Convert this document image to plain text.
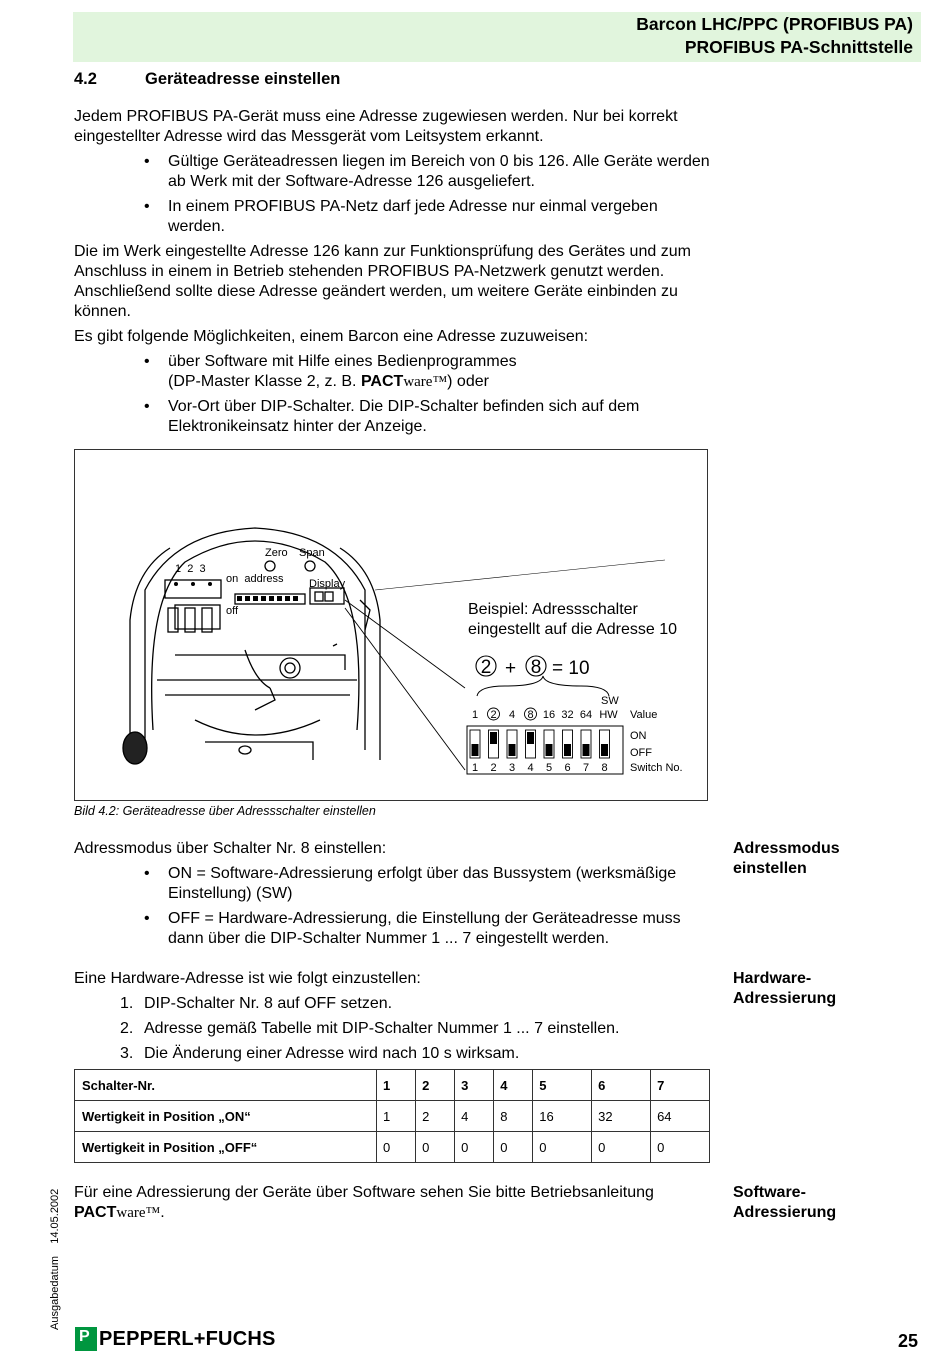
Barcon LHC/PPC (PROFIBUS PA)
PROFIBUS PA-Schnittstelle
4.2	Geräteadresse einstellen

Jedem PROFIBUS PA-Gerät muss eine Adresse zugewiesen werden. Nur bei korrekt eingestellter Adresse wird das Messgerät vom Leitsystem erkannt.

• Gültige Geräteadressen liegen im Bereich von 0 bis 126. Alle Geräte werden ab Werk mit der Software-Adresse 126 ausgeliefert.
• In einem PROFIBUS PA-Netz darf jede Adresse nur einmal vergeben werden.

Die im Werk eingestellte Adresse 126 kann zur Funktionsprüfung des Gerätes und zum Anschluss in einem in Betrieb stehenden PROFIBUS PA-Netzwerk genutzt werden. Anschließend sollte diese Adresse geändert werden, um weitere Geräte einbinden zu können.

Es gibt folgende Möglichkeiten, einem Barcon eine Adresse zuzuweisen:

• über Software mit Hilfe eines Bedienprogrammes
(DP-Master Klasse 2, z. B. PACTware™) oder
• Vor-Ort über DIP-Schalter. Die DIP-Schalter befinden sich auf dem Elektronikeinsatz hinter der Anzeige.
Zero Span
1  2  3
on  address Display
off	Beispiel: Adressschalter
eingestellt auf die Adresse 10
2 + 8 = 10
SW
1 2 4 8 16 32 64 HW Value
ON
OFF
1 2 3 4 5 6 7 8 Switch No.
Bild 4.2: Geräteadresse über Adressschalter einstellen

Adressmodus über Schalter Nr. 8 einstellen:

• ON = Software-Adressierung erfolgt über das Bussystem (werksmäßige Einstellung) (SW)
• OFF = Hardware-Adressierung, die Einstellung der Geräteadresse muss dann über die DIP-Schalter Nummer 1 ... 7 eingestellt werden.
Adressmodus
einstellen

Eine Hardware-Adresse ist wie folgt einzustellen:

1. DIP-Schalter Nr. 8 auf OFF setzen.
2. Adresse gemäß Tabelle mit DIP-Schalter Nummer 1 ... 7 einstellen.
3. Die Änderung einer Adresse wird nach 10 s wirksam.
Hardware-
Adressierung
Schalter-Nr.	1	2	3	4	5	6	7
Wertigkeit in Position „ON“	1	2	4	8	16	32	64
Wertigkeit in Position „OFF“	0	0	0	0	0	0	0

Für eine Adressierung der Geräte über Software sehen Sie bitte Betriebsanleitung
PACTware™.

Software-
Adressierung
Ausgabedatum    14.05.2002
P PEPPERL+FUCHS	25
